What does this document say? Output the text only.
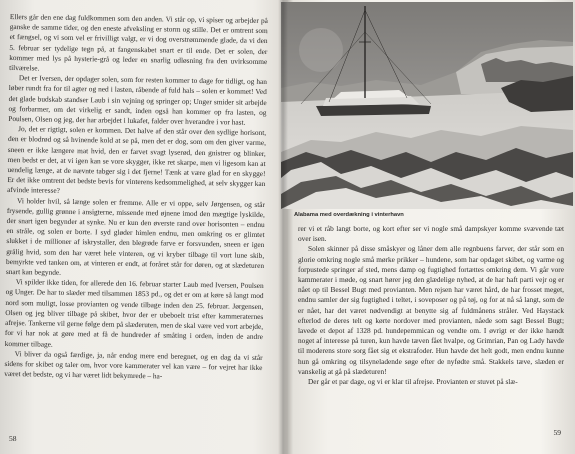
Ellers går den ene dag fuldkommen som den anden. Vi står op, vi spiser og arbejder på ganske de samme tider, og den eneste afveksling er storm og stille. Det er omtrent som et fængsel, og vi som vel er frivilligt valgt, er vi dog overstrømmende glade, da vi den 5. februar ser tydelige tegn på, at fangenskabet snart er til ende. Det er solen, der kommer med lys på hysterie-grå og leder en snarlig udløsning fra den uvirksomme tilværelse.

Det er Iversen, der opdager solen, som for resten kommer to dage for tidligt, og han løber rundt fra for til agter og ned i lasten, råbende af fuld hals – solen er kommet! Ved det glade budskab standser Laub i sin vejning og springer op; Unger smider sit arbejde og forbarmer, om det virkelig er sandt, inden også han kommer op fra lasten, og Poulsen, Olsen og jeg, der har arbejdet i lukafet, falder over hverandre i vor hast.

Jo, det er rigtigt, solen er kommen. Det halve af den står over den sydlige horisont, den er blodrød og så hvinende kold at se på, men det er dog, som om den giver varme, sneen er ikke længere mat hvid, den er farvet svagt lyserød, den gnistrer og blinker, men bedst er det, at vi igen kan se vore skygger, ikke ret skarpe, men vi ligesom kan at uendelig længe, at de nævnte tabger sig i det fjerne! Tænk at være glad for en skygge! Er det ikke omtrent det bedste bevis for vinterens kedsommelighed, at selv skygger kan afvinde interesse?

Vi holder hvil, så længe solen er fremme. Alle er vi oppe, selv Jørgensen, og står frysende, gullig grønne i ansigterne, missende med øjnene imod den mægtige lyskilde, der snart igen begynder at synke. Nu er kun den øverste rand over horisonten – endnu en stråle, og solen er borte. I syd gløder himlen endnu, men omkring os er glimtet slukket i de millioner af iskrystaller, den blegrøde farve er forsvunden, sneen er igen grålig hvid, som den har været hele vinteren, og vi kryber tilbage til vort lune skib, bemyrkte ved tanken om, at vinteren er endt, at foråret står for døren, og at slædeturen snart kan begynde.

Vi spilder ikke tiden, for allerede den 16. februar starter Laub med Iversen, Poulsen og Unger. De har to slæder med tilsammen 1853 pd., og det er om at køre så langt mod nord som muligt, losse provianten og vende tilbage inden den 25. februar. Jørgensen, Olsen og jeg bliver tilbage på skibet, hvor der er ubeboelt trist efter kammeraternes afrejse. Tankerne vil gerne følge dem på slæderuten, men de skal være ved vort arbejde, for vi har nok at gøre med at få de hundreder af småting i orden, inden de andre kommer tilbage.

Vi bliver da også færdige, ja, når endog mere end beregnet, og en dag da vi står sidens for skibet og taler om, hvor vore kammerater vel kan være – for vejret har ikke været det bedste, og vi har været lidt bekymrede – ha-

58

rer vi et råb langt borte, og kort efter ser vi nogle små dampskyer komme svævende tæt over isen.

Solen skinner på disse småskyer og låner dem alle regnbuens farver, der står som en glorie omkring nogle små mørke prikker – hundene, som har opdaget skibet, og varme og forpustede springer af sted, mens damp og fugtighed fortættes omkring dem. Vi går vore kammerater i møde, og snart hører jeg den glædelige nyhed, at de har haft parti vejr og er nået op til Bessel Bugt med provianten. Men rejsen har været hård, de har frosset meget, endnu samler der sig fugtighed i teltet, i soveposer og på tøj, og for at nå så langt, som de er nået, har det været nødvendigt at benytte sig af fuldmånens stråler. Ved Haystack efterlod de deres telt og kørte nordover med provianten, nåede som sagt Bessel Bugt; lavede et depot af 1328 pd. hundepemmican og vendte om. I øvrigt er der ikke hændt noget af interesse på turen, kun havde tæven fået hvalpe, og Grimrian, Pan og Lady havde til moderens store sorg fået sig et ekstrafoder. Hun havde det helt godt, men endnu kunne hun gå omkring og tilsyneladende søge efter de nyfødte små. Stakkels tæve, slæden er vanskelig at gå på slædeturen!

Der går et par dage, og vi er klar til afrejse. Provianten er stuvet på slæ-

59
Alabama med overdækning i vinterhavn
